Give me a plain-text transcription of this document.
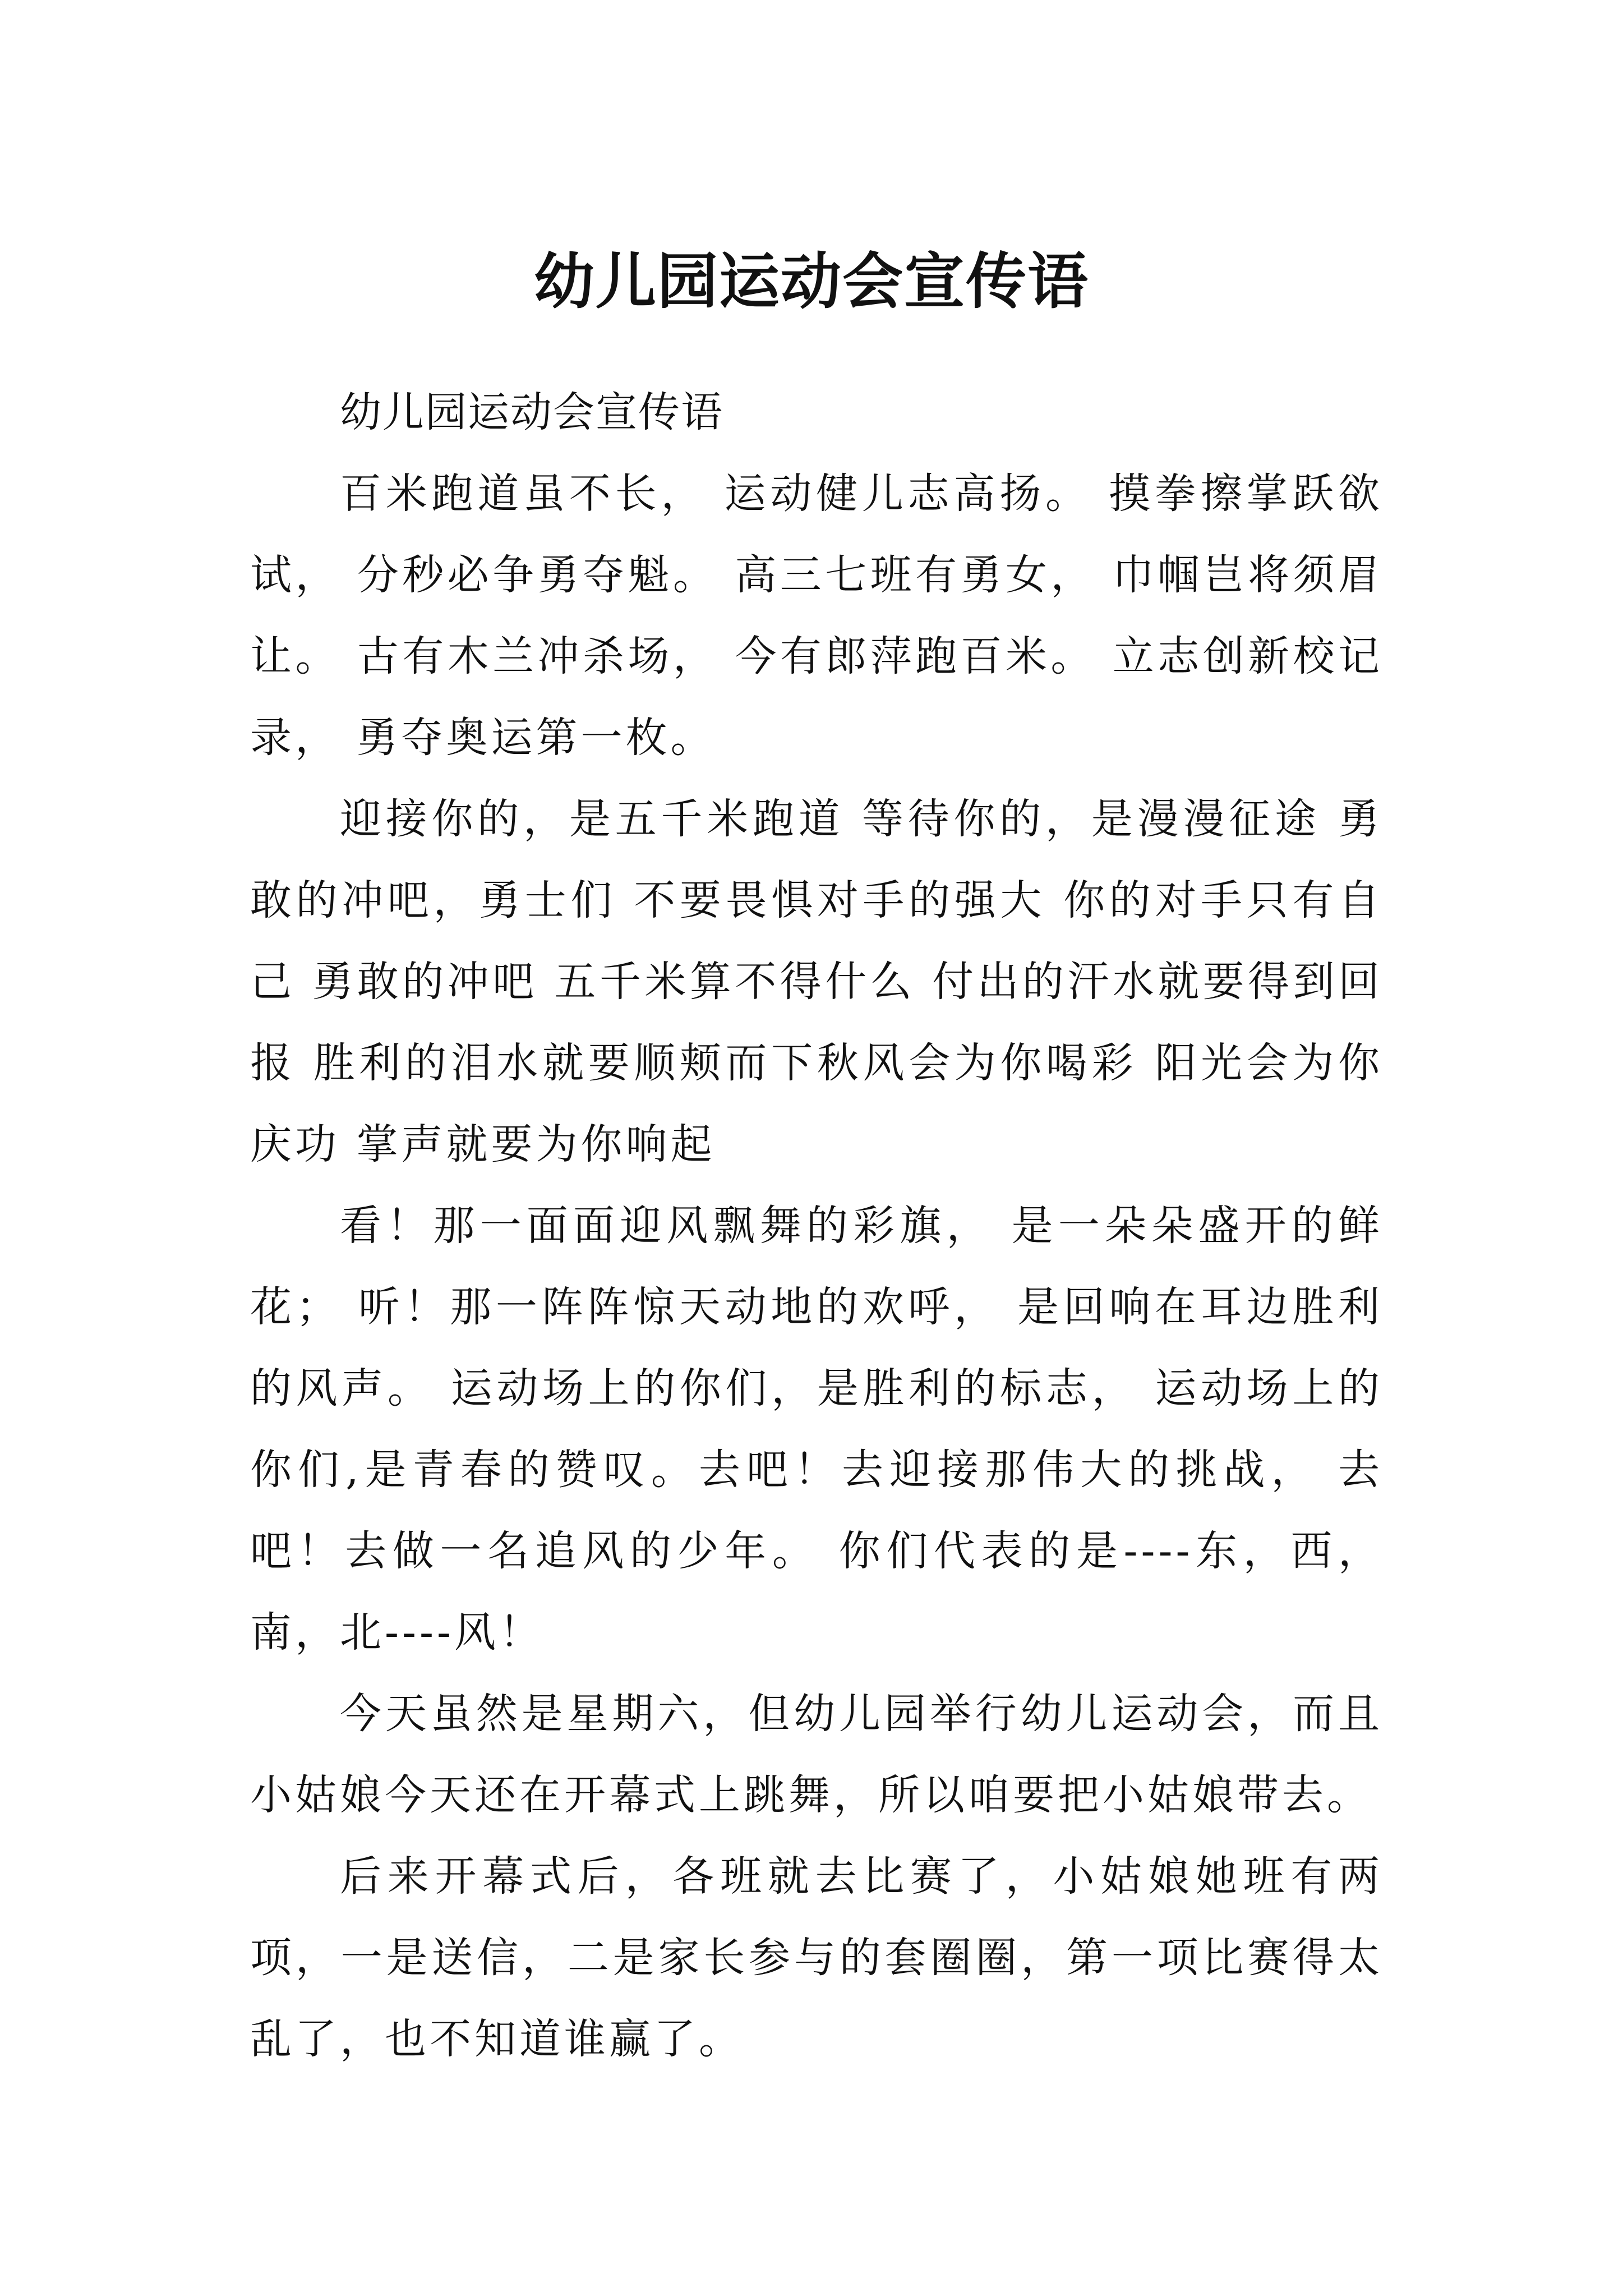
幼儿园运动会宣传语

幼儿园运动会宣传语

百米跑道虽不长， 运动健儿志高扬。 摸拳擦掌跃欲试， 分秒必争勇夺魁。 高三七班有勇女， 巾帼岂将须眉让。 古有木兰冲杀场， 今有郎萍跑百米。 立志创新校记录， 勇夺奥运第一枚。

迎接你的，是五千米跑道 等待你的，是漫漫征途 勇敢的冲吧，勇士们 不要畏惧对手的强大 你的对手只有自己 勇敢的冲吧 五千米算不得什么 付出的汗水就要得到回报 胜利的泪水就要顺颊而下秋风会为你喝彩 阳光会为你庆功 掌声就要为你响起

看！那一面面迎风飘舞的彩旗， 是一朵朵盛开的鲜花； 听！那一阵阵惊天动地的欢呼， 是回响在耳边胜利的风声。 运动场上的你们，是胜利的标志， 运动场上的你们,是青春的赞叹。去吧！去迎接那伟大的挑战， 去吧！去做一名追风的少年。 你们代表的是----东，西，南，北----风！

今天虽然是星期六，但幼儿园举行幼儿运动会，而且小姑娘今天还在开幕式上跳舞，所以咱要把小姑娘带去。

后来开幕式后，各班就去比赛了，小姑娘她班有两项，一是送信，二是家长参与的套圈圈，第一项比赛得太乱了，也不知道谁赢了。
